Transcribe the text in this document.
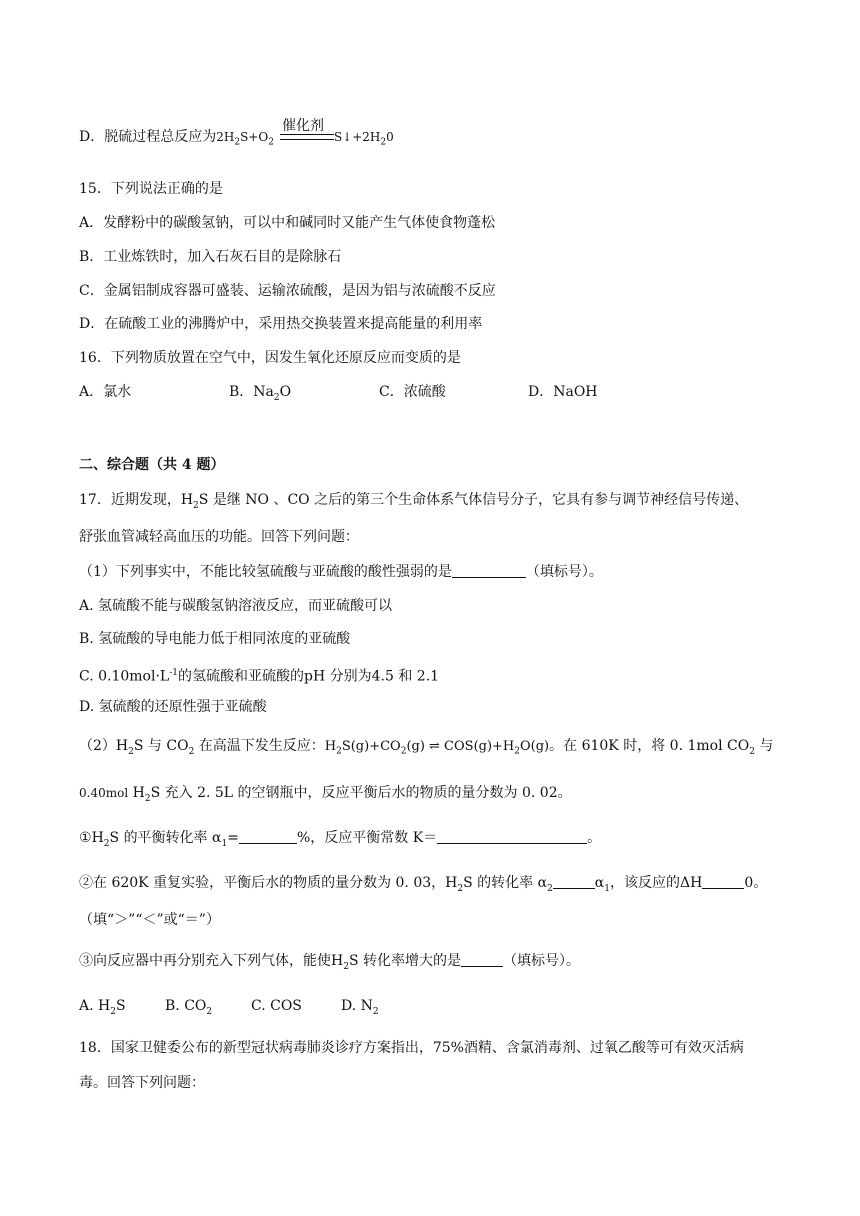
D．脱硫过程总反应为$2H_2S+O_2$	$S↓+2H_20$
催化剂
15．下列说法正确的是
A．发酵粉中的碳酸氢钠，可以中和碱同时又能产生气体使食物蓬松
B．工业炼铁时，加入石灰石目的是除脉石
C．金属铝制成容器可盛装、运输浓硫酸，是因为铝与浓硫酸不反应
D．在硫酸工业的沸腾炉中，采用热交换装置来提高能量的利用率
16．下列物质放置在空气中，因发生氧化还原反应而变质的是
A．氯水	B．$Na_2O$	C．浓硫酸	D．NaOH
二、综合题（共 4 题）
17．近期发现，$H_2S$ 是继 NO 、CO 之后的第三个生命体系气体信号分子，它具有参与调节神经信号传递、
舒张血管减轻高血压的功能。回答下列问题：
（1）下列事实中，不能比较氢硫酸与亚硫酸的酸性强弱的是	（填标号）。
A. 氢硫酸不能与碳酸氢钠溶液反应，而亚硫酸可以
B. 氢硫酸的导电能力低于相同浓度的亚硫酸
C. $0.10mol\cdot L^{-1}$的氢硫酸和亚硫酸的pH 分别为4.5 和 2.1
D. 氢硫酸的还原性强于亚硫酸
$(2)H_2S$ 与 $CO_2$ 在高温下发生反应：$H_2S(g)+CO_2(g)$ ⇌ $COS(g)+H_2O(g)$。在 610K 时，将 0. 1mol $CO_2$ 与
0.40mol $H_2S$ 充入 2. 5L 的空钢瓶中，反应平衡后水的物质的量分数为 0. 02。
$①H_2S$ 的平衡转化率 $\alpha_1=$	%，反应平衡常数 K＝	。
②在 620K 重复实验，平衡后水的物质的量分数为 0. 03，$H_2S$ 的转化率 $\alpha_2$	$\alpha_1$，该反应的ΔH	0。
（填“＞”“＜”或“＝”）
③向反应器中再分别充入下列气体，能使$H_2S$ 转化率增大的是	（填标号）。
A. $H_2S$	B. $CO_2$	C. COS	D. $N_2$
18．国家卫健委公布的新型冠状病毒肺炎诊疗方案指出，75%酒精、含氯消毒剂、过氧乙酸等可有效灭活病
毒。回答下列问题：
